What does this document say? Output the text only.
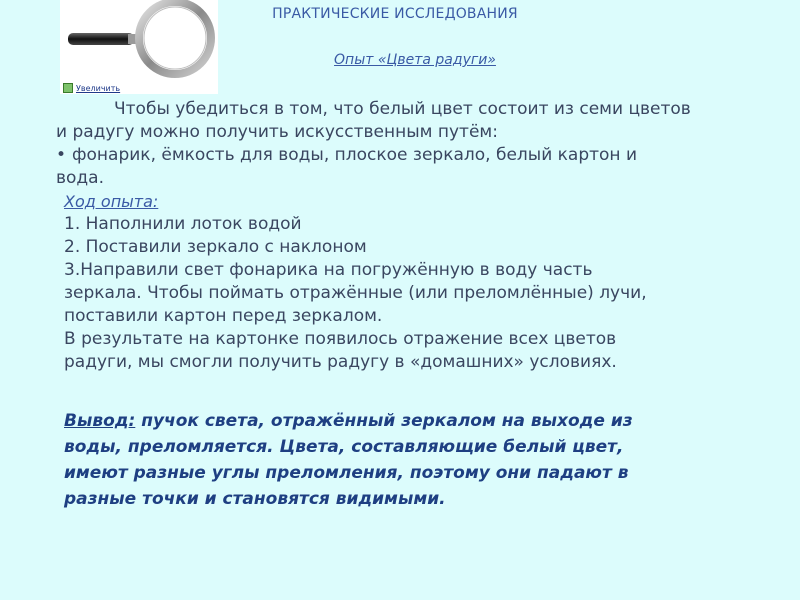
Увеличить
ПРАКТИЧЕСКИЕ ИССЛЕДОВАНИЯ
Опыт «Цвета радуги»
Чтобы убедиться в том, что белый цвет состоит из семи цветов
и радугу можно получить искусственным путём:
• фонарик, ёмкость для воды, плоское зеркало, белый картон и
вода.
Ход опыта:
1. Наполнили лоток водой
2. Поставили зеркало с наклоном
3.Направили свет фонарика на погружённую в воду часть
зеркала. Чтобы поймать отражённые (или преломлённые) лучи,
поставили картон перед зеркалом.
В результате на картонке появилось отражение всех цветов
радуги, мы смогли получить радугу в «домашних» условиях.
Вывод: пучок света, отражённый зеркалом на выходе из
воды, преломляется. Цвета, составляющие белый цвет,
имеют разные углы преломления, поэтому они падают в
разные точки и становятся видимыми.
